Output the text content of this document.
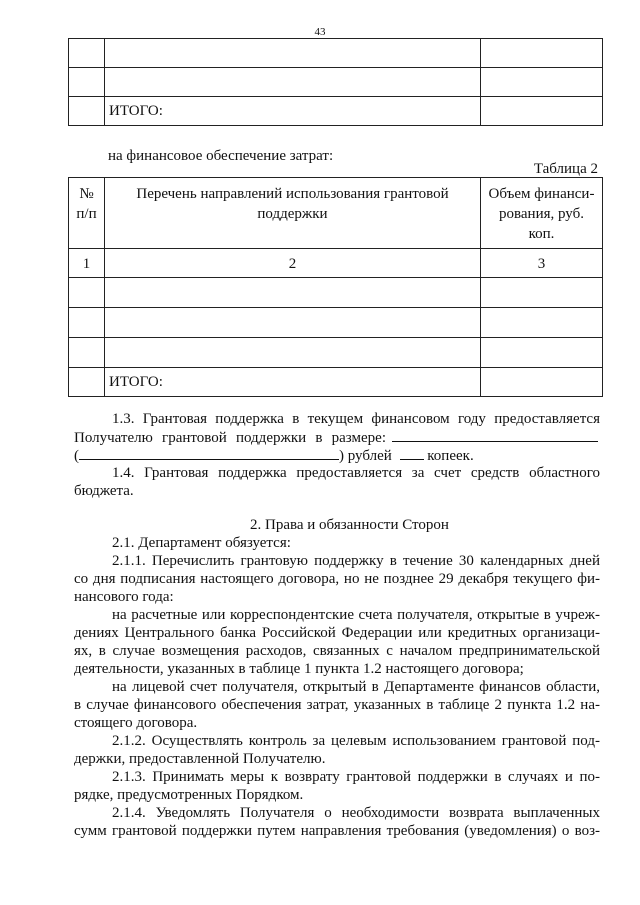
43

	ИТОГО:	
на финансовое обеспечение затрат:
Таблица 2
№ п/п	Перечень направлений использования грантовой поддержки	Объем финанси-рования, руб. коп.
1	2	3

	ИТОГО:	
1.3. Грантовая поддержка в текущем финансовом году предоставляется
Получателю грантовой поддержки в размере:
(	) рублей копеек.
1.4. Грантовая поддержка предоставляется за счет средств областного
бюджета.
2. Права и обязанности Сторон
2.1. Департамент обязуется:
2.1.1. Перечислить грантовую поддержку в течение 30 календарных дней
со дня подписания настоящего договора, но не позднее 29 декабря текущего фи-
нансового года:
на расчетные или корреспондентские счета получателя, открытые в учреж-
дениях Центрального банка Российской Федерации или кредитных организаци-
ях, в случае возмещения расходов, связанных с началом предпринимательской
деятельности, указанных в таблице 1 пункта 1.2 настоящего договора;
на лицевой счет получателя, открытый в Департаменте финансов области,
в случае финансового обеспечения затрат, указанных в таблице 2 пункта 1.2 на-
стоящего договора.
2.1.2. Осуществлять контроль за целевым использованием грантовой под-
держки, предоставленной Получателю.
2.1.3. Принимать меры к возврату грантовой поддержки в случаях и по-
рядке, предусмотренных Порядком.
2.1.4. Уведомлять Получателя о необходимости возврата выплаченных
сумм грантовой поддержки путем направления требования (уведомления) о воз-
